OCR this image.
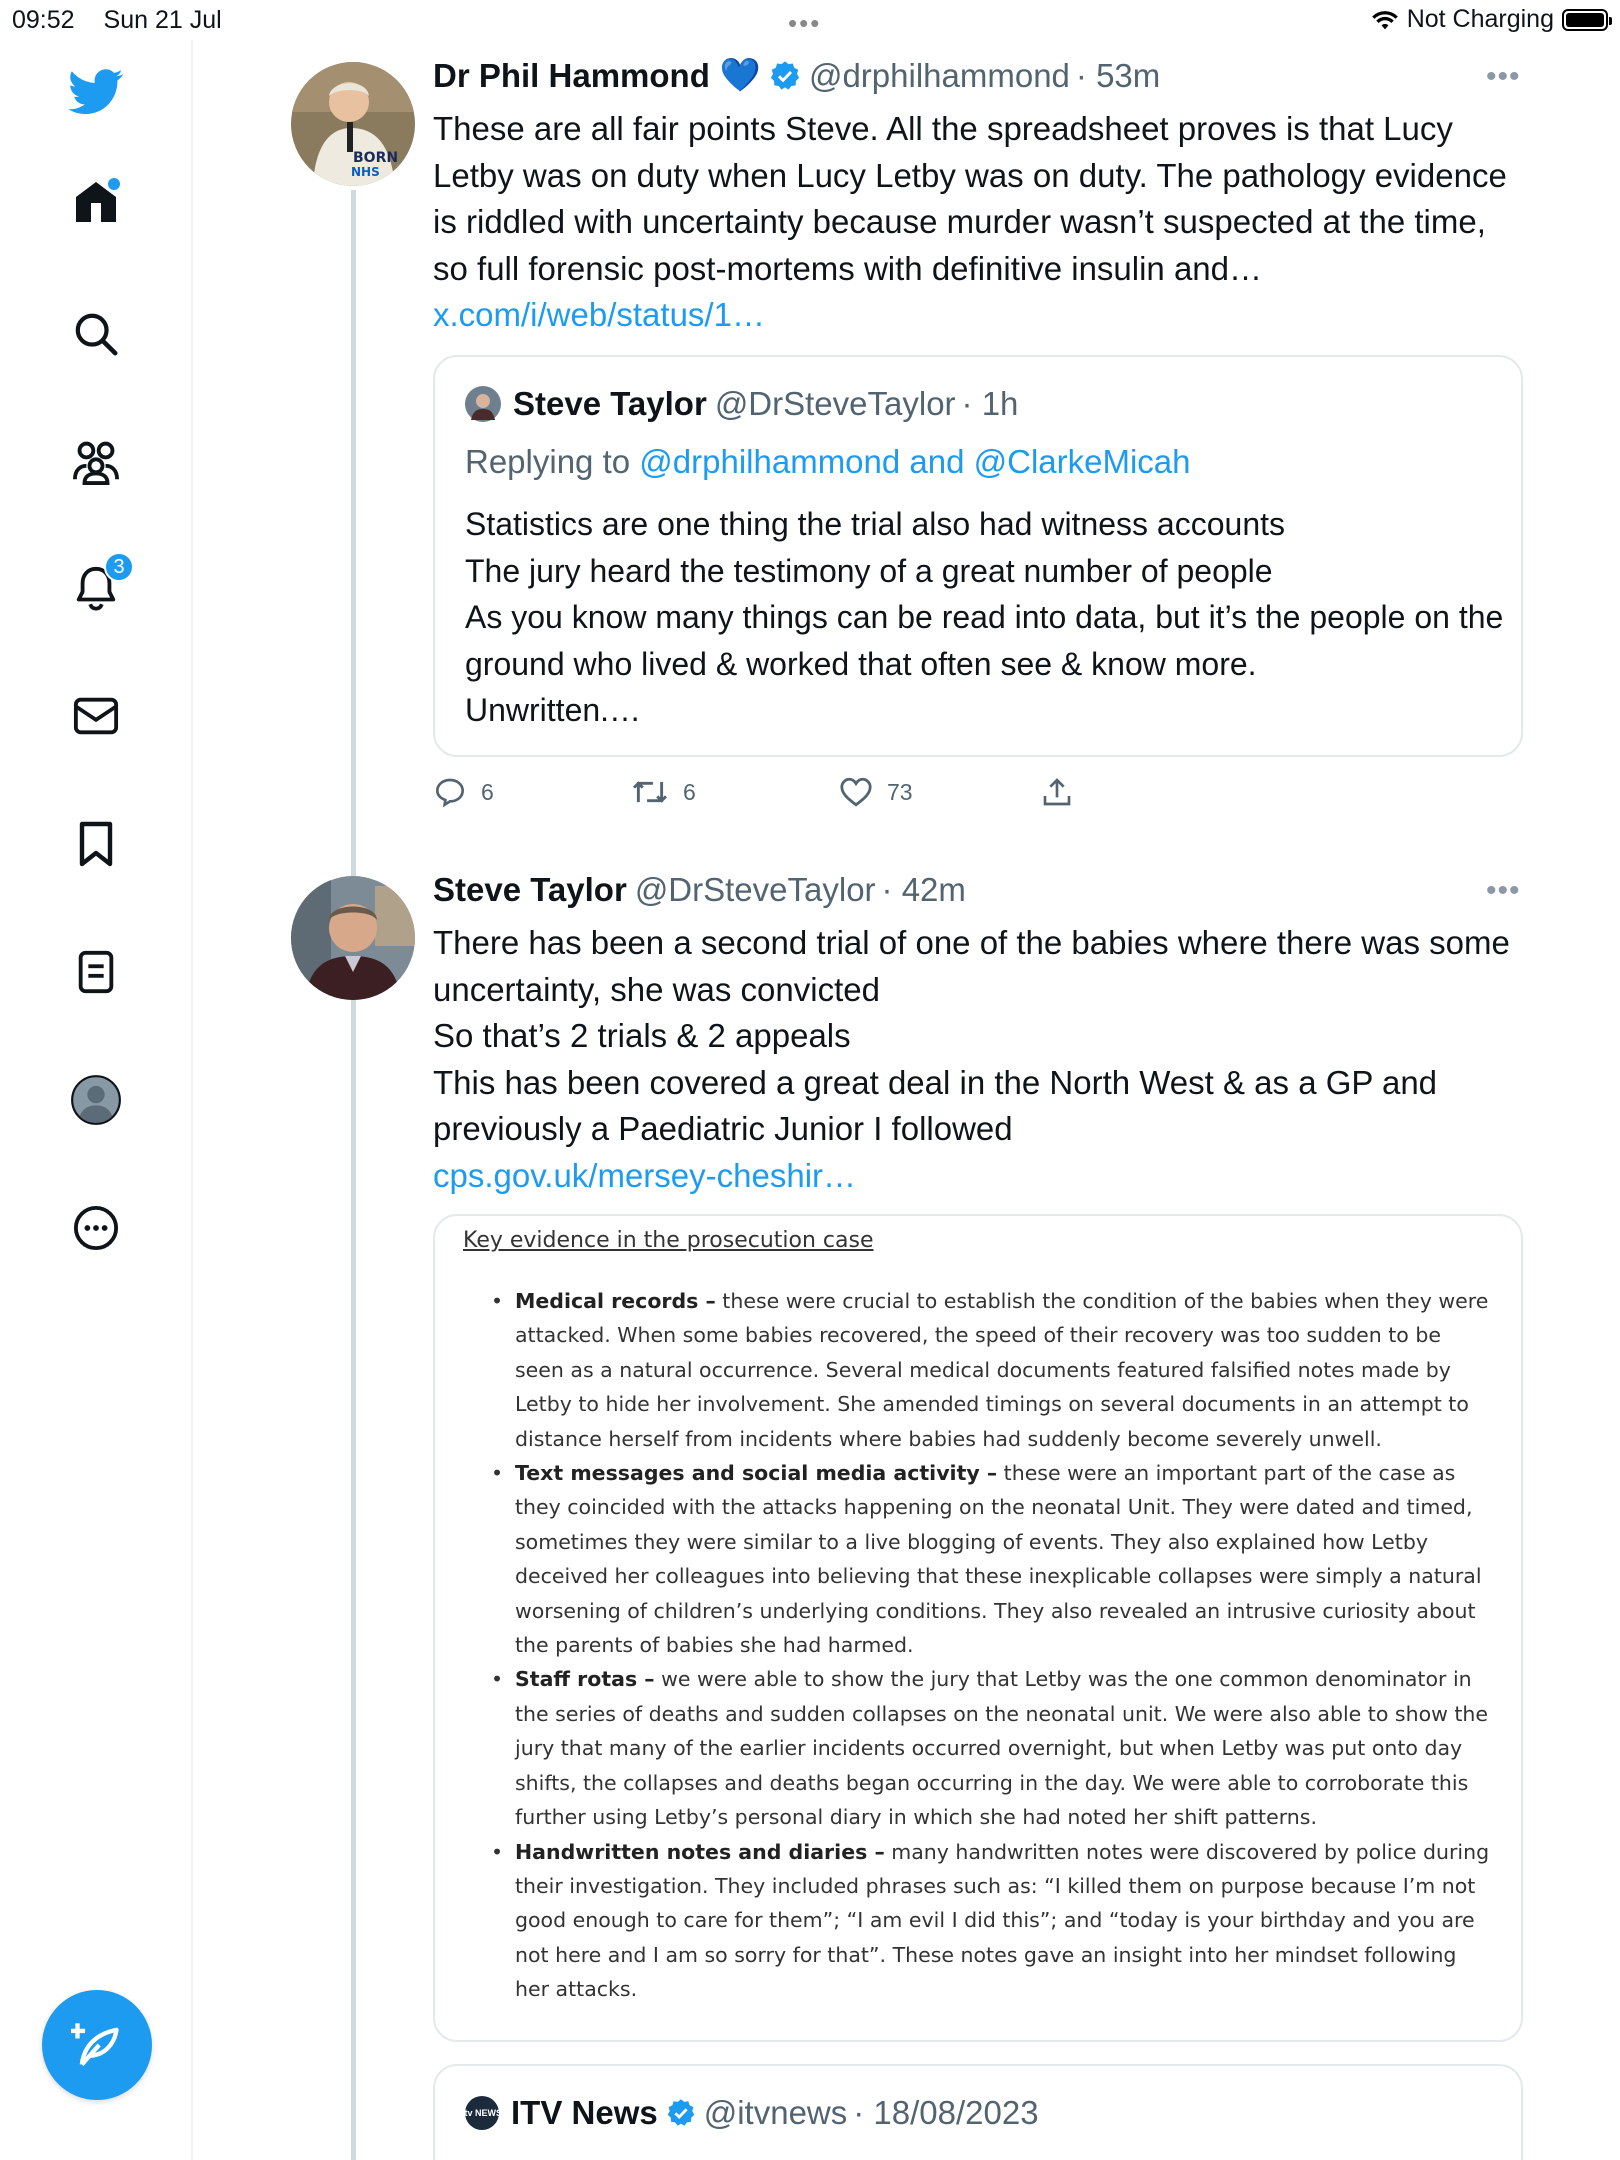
09:52 Sun 21 Jul	•••	Not Charging
3
BORN
NHS
Dr Phil Hammond 💙 @drphilhammond · 53m	•••
These are all fair points Steve. All the spreadsheet proves is that Lucy Letby was on duty when Lucy Letby was on duty. The pathology evidence is riddled with uncertainty because murder wasn’t suspected at the time, so full forensic post-mortems with definitive insulin and…
x.com/i/web/status/1…
Steve Taylor @DrSteveTaylor · 1h
Replying to @drphilhammond and @ClarkeMicah
Statistics are one thing the trial also had witness accounts
The jury heard the testimony of a great number of people
As you know many things can be read into data, but it’s the people on the ground who lived & worked that often see & know more.
Unwritten.…
6	6	73
Steve Taylor @DrSteveTaylor · 42m	•••
There has been a second trial of one of the babies where there was some uncertainty, she was convicted
So that’s 2 trials & 2 appeals
This has been covered a great deal in the North West & as a GP and previously a Paediatric Junior I followed
cps.gov.uk/mersey-cheshir…
Key evidence in the prosecution case
• Medical records – these were crucial to establish the condition of the babies when they were attacked. When some babies recovered, the speed of their recovery was too sudden to be seen as a natural occurrence. Several medical documents featured falsified notes made by Letby to hide her involvement. She amended timings on several documents in an attempt to distance herself from incidents where babies had suddenly become severely unwell.
• Text messages and social media activity – these were an important part of the case as they coincided with the attacks happening on the neonatal Unit. They were dated and timed, sometimes they were similar to a live blogging of events. They also explained how Letby deceived her colleagues into believing that these inexplicable collapses were simply a natural worsening of children’s underlying conditions. They also revealed an intrusive curiosity about the parents of babies she had harmed.
• Staff rotas – we were able to show the jury that Letby was the one common denominator in the series of deaths and sudden collapses on the neonatal unit. We were also able to show the jury that many of the earlier incidents occurred overnight, but when Letby was put onto day shifts, the collapses and deaths began occurring in the day. We were able to corroborate this further using Letby’s personal diary in which she had noted her shift patterns.
• Handwritten notes and diaries – many handwritten notes were discovered by police during their investigation. They included phrases such as: “I killed them on purpose because I’m not good enough to care for them”; “I am evil I did this”; and “today is your birthday and you are not here and I am so sorry for that”. These notes gave an insight into her mindset following her attacks.
itv NEWS ITV News @itvnews · 18/08/2023
